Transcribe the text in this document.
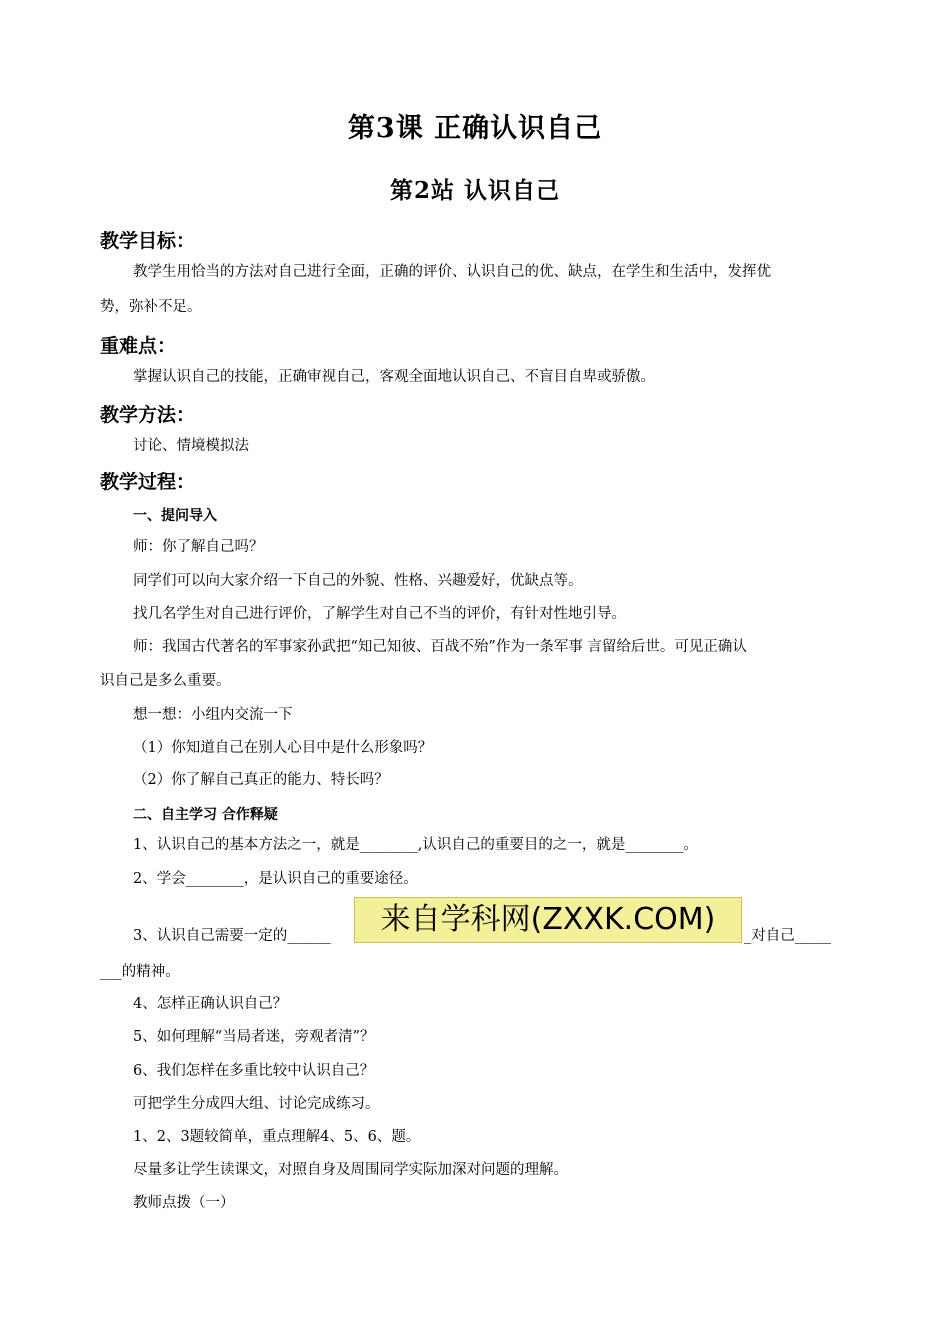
第3课 正确认识自己
第2站 认识自己
教学目标：
教学生用恰当的方法对自己进行全面，正确的评价、认识自己的优、缺点，在学生和生活中，发挥优
势，弥补不足。
重难点：
掌握认识自己的技能，正确审视自己，客观全面地认识自己、不盲目自卑或骄傲。
教学方法：
讨论、情境模拟法
教学过程：
一、提问导入
师：你了解自己吗？
同学们可以向大家介绍一下自己的外貌、性格、兴趣爱好，优缺点等。
找几名学生对自己进行评价，了解学生对自己不当的评价，有针对性地引导。
师：我国古代著名的军事家孙武把“知己知彼、百战不殆”作为一条军事 言留给后世。可见正确认
识自己是多么重要。
想一想：小组内交流一下
（1）你知道自己在别人心目中是什么形象吗？
（2）你了解自己真正的能力、特长吗？
二、自主学习 合作释疑
1、认识自己的基本方法之一，就是________,认识自己的重要目的之一，就是________。
2、学会________，是认识自己的重要途径。
3、认识自己需要一定的______	来自学科网(ZXXK.COM)	_对自己_____
___的精神。
4、怎样正确认识自己？
5、如何理解“当局者迷，旁观者清”？
6、我们怎样在多重比较中认识自己？
可把学生分成四大组、讨论完成练习。
1、2、3题较简单，重点理解4、5、6、题。
尽量多让学生读课文，对照自身及周围同学实际加深对问题的理解。
教师点拨（一）
